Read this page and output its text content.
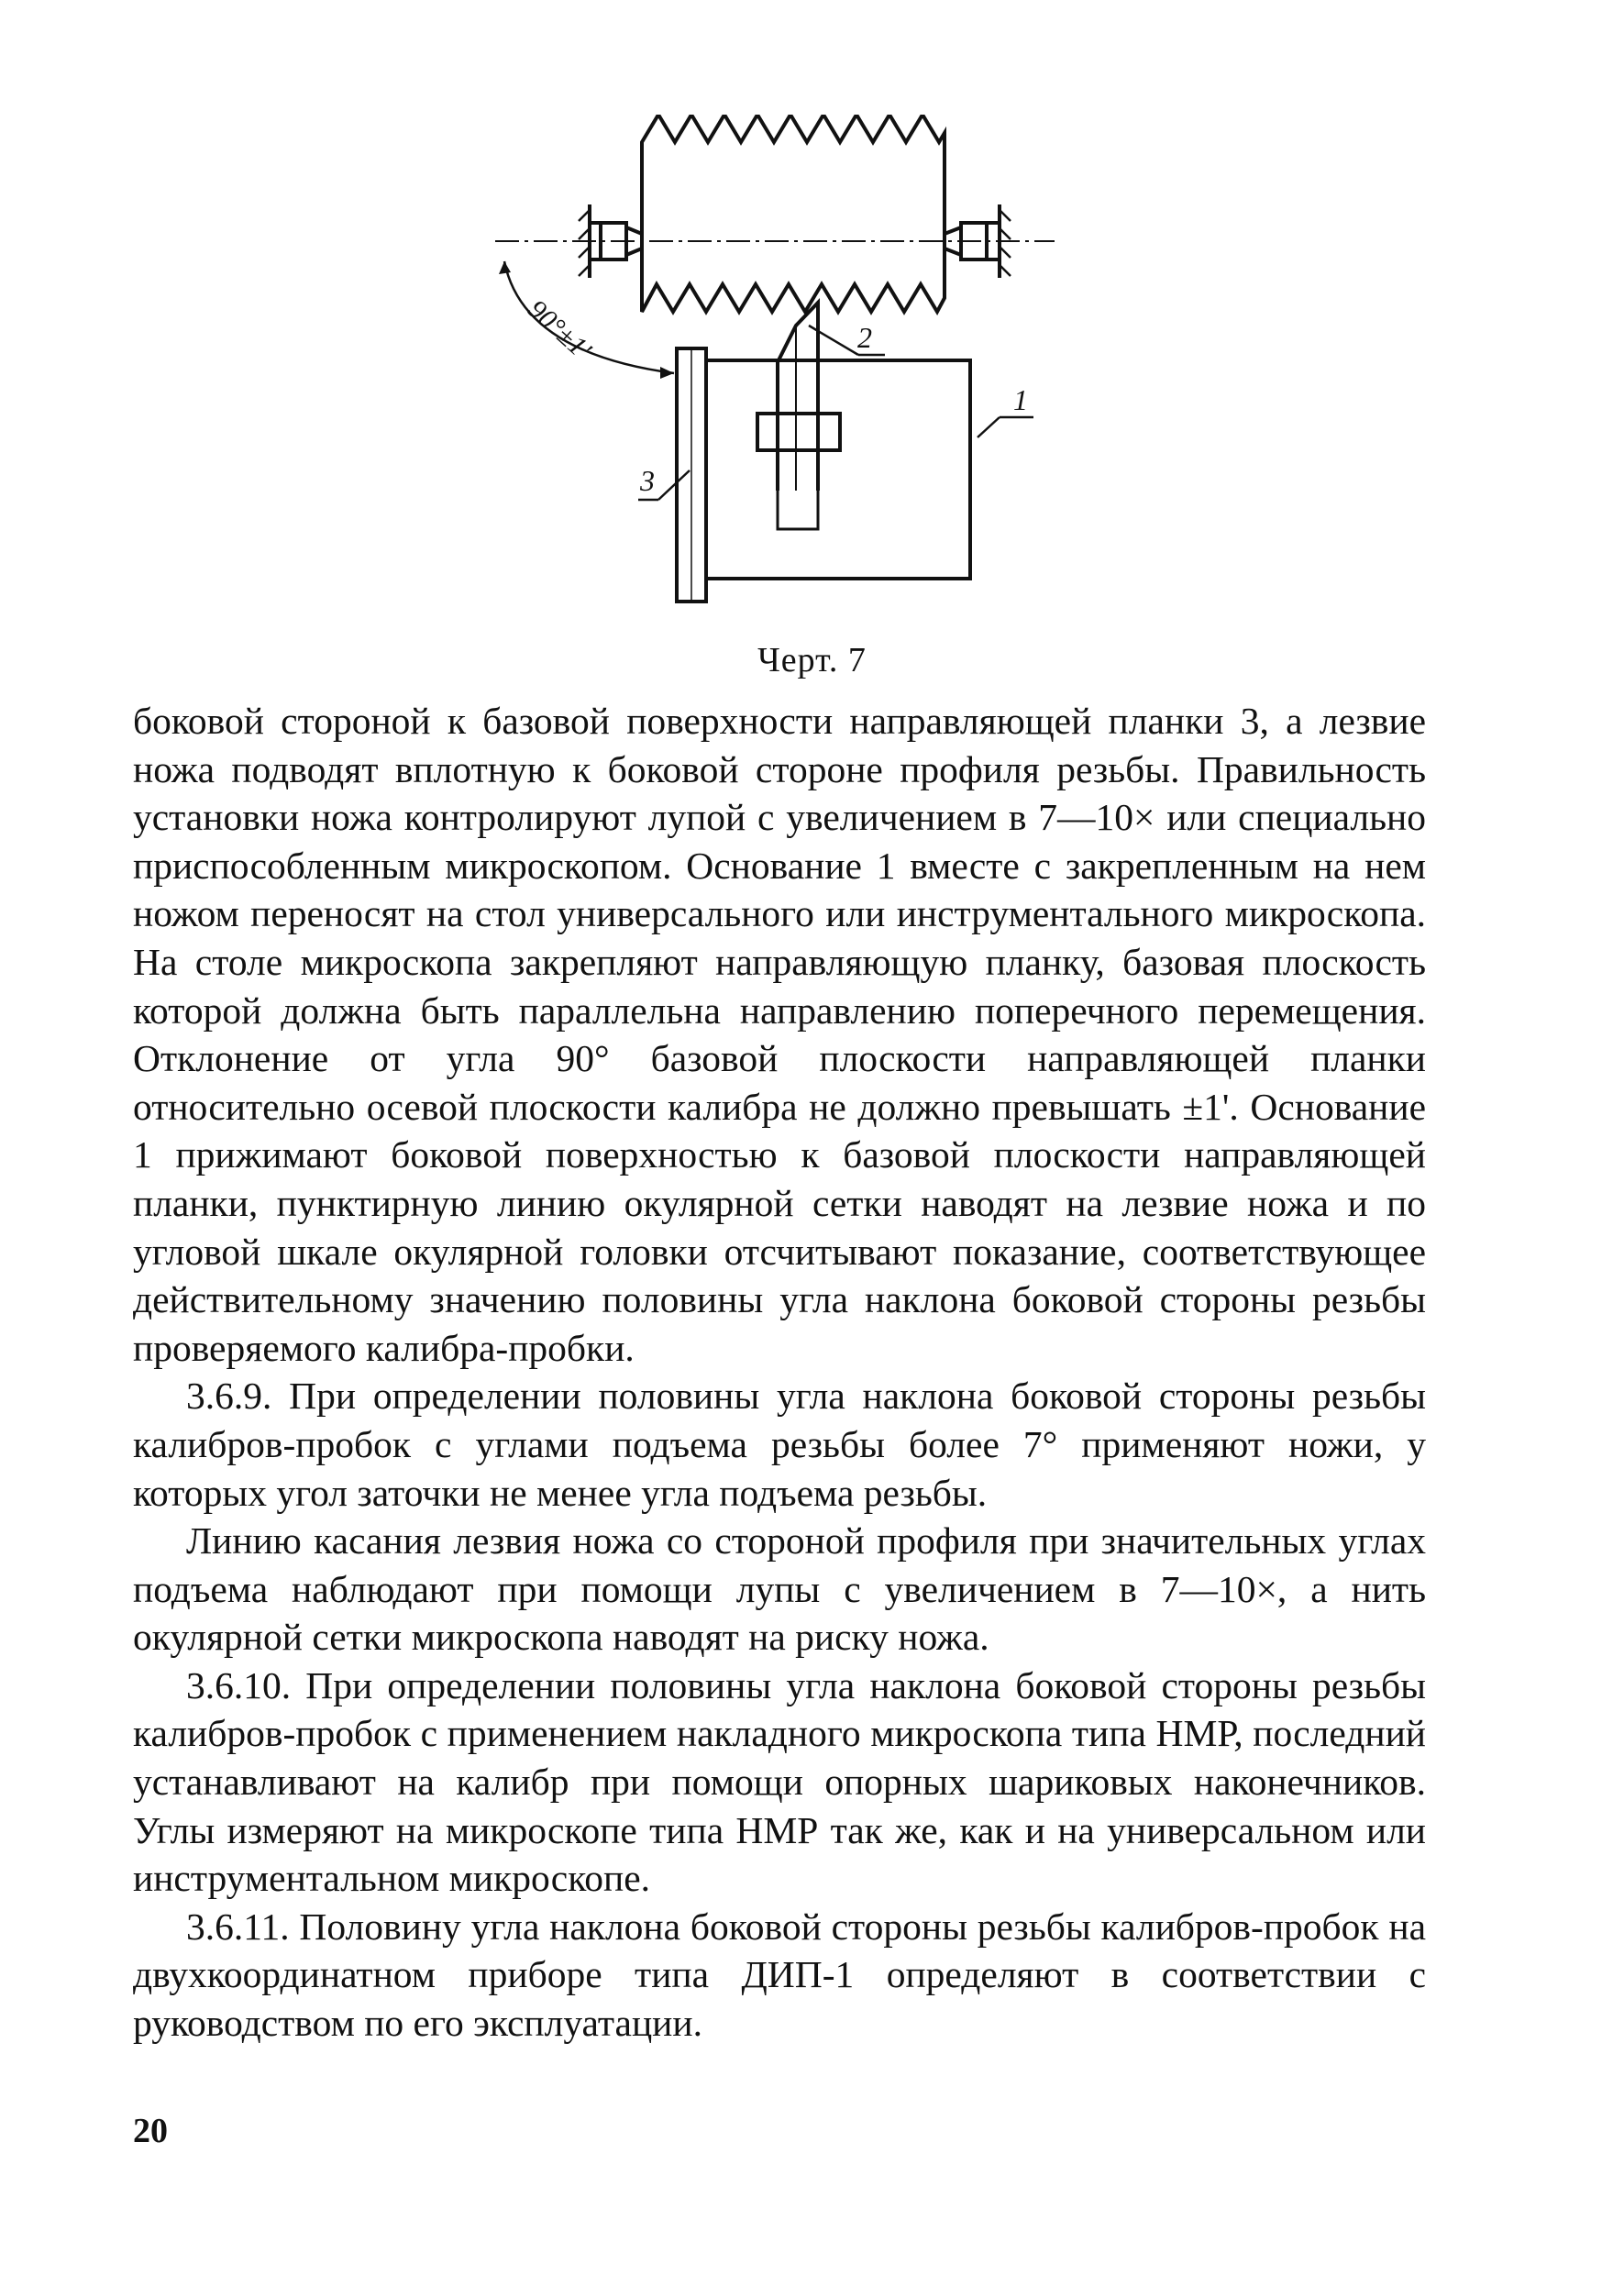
90°±1'	2
1
3
Черт. 7

боковой стороной к базовой поверхности направляющей планки 3, а лезвие ножа подводят вплотную к боковой стороне профиля резьбы. Правильность установки ножа контролируют лупой с увеличением в 7—10× или специально приспособленным микроскопом. Основание 1 вместе с закрепленным на нем ножом переносят на стол универсального или инструментального микроскопа. На столе микроскопа закрепляют направляющую планку, базовая плоскость которой должна быть параллельна направлению поперечного перемещения. Отклонение от угла 90° базовой плоскости направляющей планки относительно осевой плоскости калибра не должно превышать ±1'. Основание 1 прижимают боковой поверхностью к базовой плоскости направляющей планки, пунктирную линию окулярной сетки наводят на лезвие ножа и по угловой шкале окулярной головки отсчитывают показание, соответствующее действительному значению половины угла наклона боковой стороны резьбы проверяемого калибра-пробки.

3.6.9. При определении половины угла наклона боковой стороны резьбы калибров-пробок с углами подъема резьбы более 7° применяют ножи, у которых угол заточки не менее угла подъема резьбы.

Линию касания лезвия ножа со стороной профиля при значительных углах подъема наблюдают при помощи лупы с увеличением в 7—10×, а нить окулярной сетки микроскопа наводят на риску ножа.

3.6.10. При определении половины угла наклона боковой стороны резьбы калибров-пробок с применением накладного микроскопа типа НМР, последний устанавливают на калибр при помощи опорных шариковых наконечников. Углы измеряют на микроскопе типа НМР так же, как и на универсальном или инструментальном микроскопе.

3.6.11. Половину угла наклона боковой стороны резьбы калибров-пробок на двухкоординатном приборе типа ДИП-1 определяют в соответствии с руководством по его эксплуатации.

20
